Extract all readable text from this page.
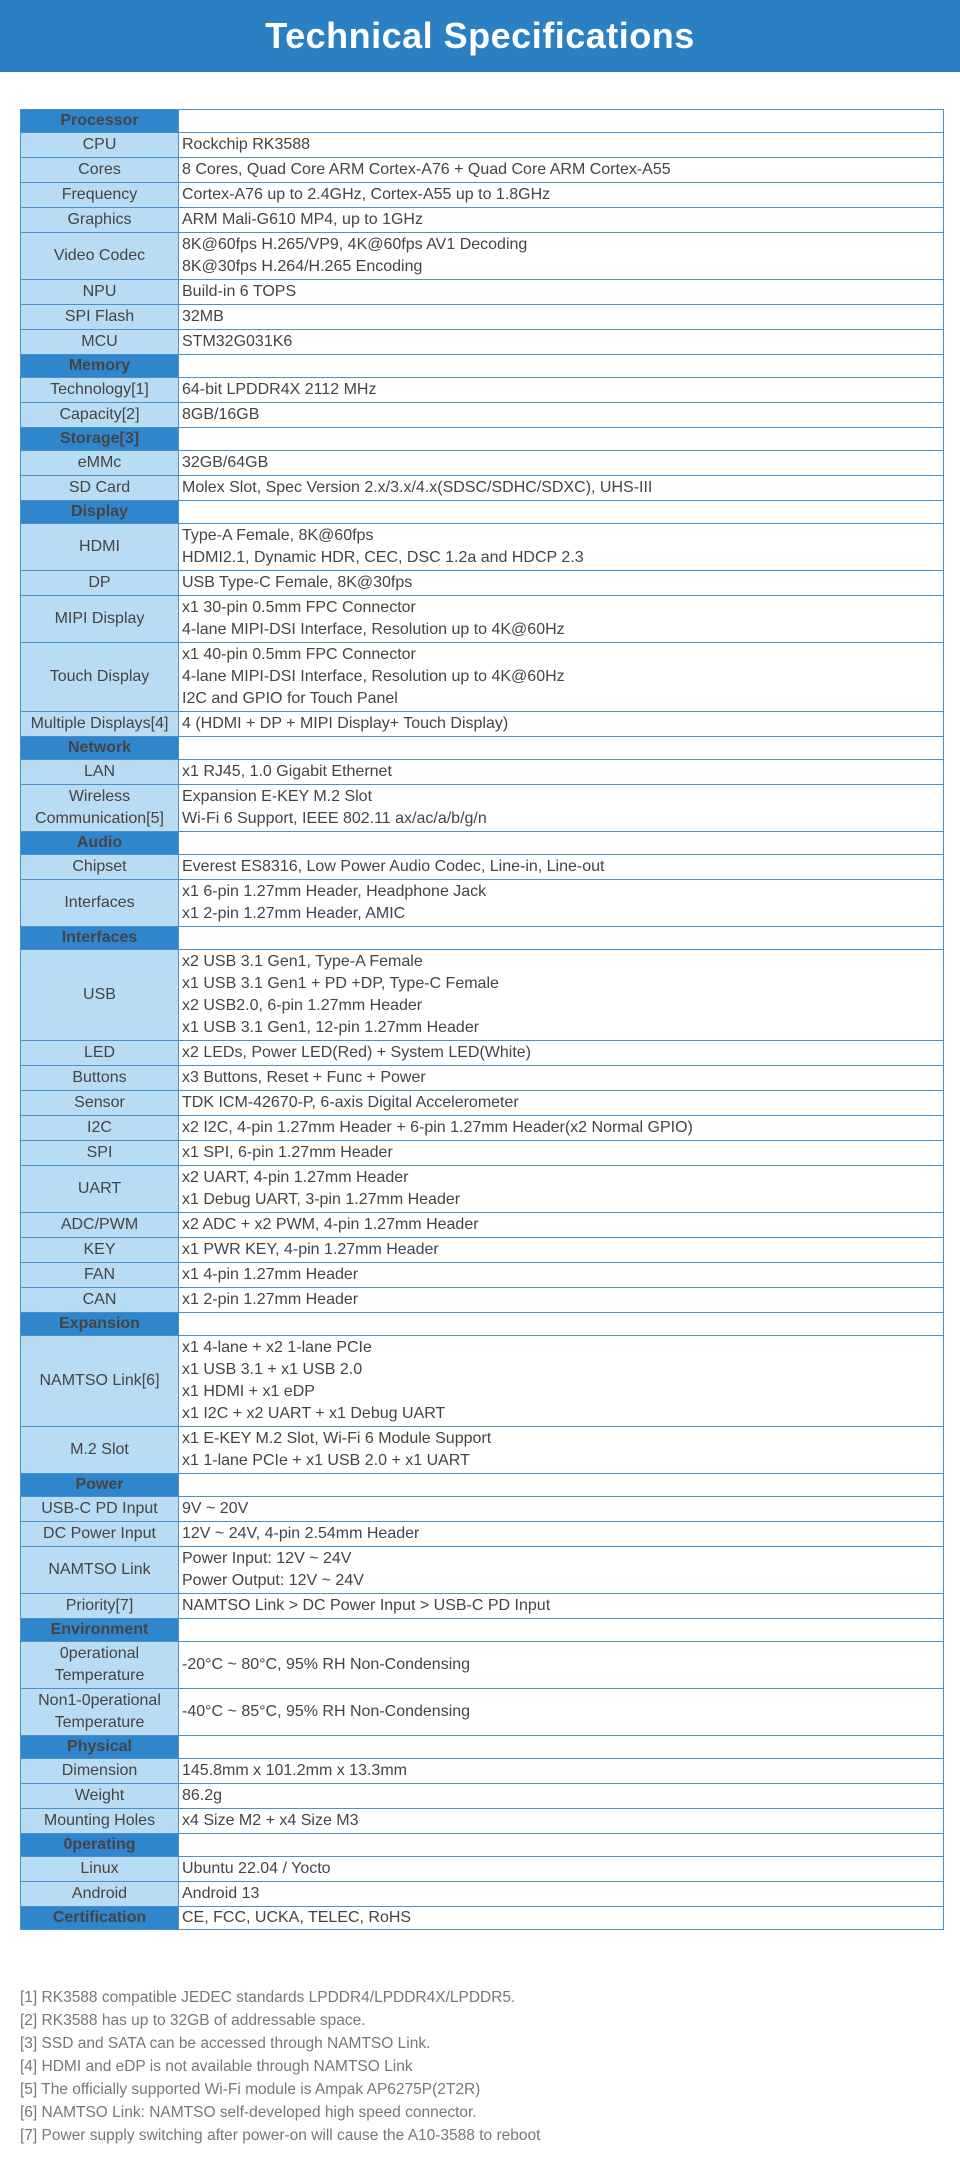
Technical Specifications
Processor	

CPU	Rockchip RK3588

Cores	8 Cores, Quad Core ARM Cortex-A76 + Quad Core ARM Cortex-A55

Frequency	Cortex-A76 up to 2.4GHz, Cortex-A55 up to 1.8GHz

Graphics	ARM Mali-G610 MP4, up to 1GHz

Video Codec	8K@60fps H.265/VP9, 4K@60fps AV1 Decoding
8K@30fps H.264/H.265 Encoding

NPU	Build-in 6 TOPS

SPI Flash	32MB

MCU	STM32G031K6

Memory	

Technology[1]	64-bit LPDDR4X 2112 MHz

Capacity[2]	8GB/16GB

Storage[3]	

eMMc	32GB/64GB

SD Card	Molex Slot, Spec Version 2.x/3.x/4.x(SDSC/SDHC/SDXC), UHS-III

Display	

HDMI	Type-A Female, 8K@60fps
HDMI2.1, Dynamic HDR, CEC, DSC 1.2a and HDCP 2.3

DP	USB Type-C Female, 8K@30fps

MIPI Display	x1 30-pin 0.5mm FPC Connector
4-lane MIPI-DSI Interface, Resolution up to 4K@60Hz

Touch Display	x1 40-pin 0.5mm FPC Connector
4-lane MIPI-DSI Interface, Resolution up to 4K@60Hz
I2C and GPIO for Touch Panel

Multiple Displays[4]	4 (HDMI + DP + MIPI Display+ Touch Display)

Network	

LAN	x1 RJ45, 1.0 Gigabit Ethernet

Wireless
Communication[5]	Expansion E-KEY M.2 Slot
Wi-Fi 6 Support, IEEE 802.11 ax/ac/a/b/g/n

Audio	

Chipset	Everest ES8316, Low Power Audio Codec, Line-in, Line-out

Interfaces	x1 6-pin 1.27mm Header, Headphone Jack
x1 2-pin 1.27mm Header, AMIC

Interfaces	

USB	x2 USB 3.1 Gen1, Type-A Female
x1 USB 3.1 Gen1 + PD +DP, Type-C Female
x2 USB2.0, 6-pin 1.27mm Header
x1 USB 3.1 Gen1, 12-pin 1.27mm Header

LED	x2 LEDs, Power LED(Red) + System LED(White)

Buttons	x3 Buttons, Reset + Func + Power

Sensor	TDK ICM-42670-P, 6-axis Digital Accelerometer

I2C	x2 I2C, 4-pin 1.27mm Header + 6-pin 1.27mm Header(x2 Normal GPIO)

SPI	x1 SPI, 6-pin 1.27mm Header

UART	x2 UART, 4-pin 1.27mm Header
x1 Debug UART, 3-pin 1.27mm Header

ADC/PWM	x2 ADC + x2 PWM, 4-pin 1.27mm Header

KEY	x1 PWR KEY, 4-pin 1.27mm Header

FAN	x1 4-pin 1.27mm Header

CAN	x1 2-pin 1.27mm Header

Expansion	

NAMTSO Link[6]	x1 4-lane + x2 1-lane PCIe
x1 USB 3.1 + x1 USB 2.0
x1 HDMI + x1 eDP
x1 I2C + x2 UART + x1 Debug UART

M.2 Slot	x1 E-KEY M.2 Slot, Wi-Fi 6 Module Support
x1 1-lane PCIe + x1 USB 2.0 + x1 UART

Power	

USB-C PD Input	9V ~ 20V

DC Power Input	12V ~ 24V, 4-pin 2.54mm Header

NAMTSO Link	Power Input: 12V ~ 24V
Power Output: 12V ~ 24V

Priority[7]	NAMTSO Link > DC Power Input > USB-C PD Input

Environment	

0perational
Temperature	-20°C ~ 80°C, 95% RH Non-Condensing

Non1-0perational
Temperature	-40°C ~ 85°C, 95% RH Non-Condensing

Physical	

Dimension	145.8mm x 101.2mm x 13.3mm

Weight	86.2g

Mounting Holes	x4 Size M2 + x4 Size M3

0perating	

Linux	Ubuntu 22.04 / Yocto

Android	Android 13

Certification	CE, FCC, UCKA, TELEC, RoHS
[1] RK3588 compatible JEDEC standards LPDDR4/LPDDR4X/LPDDR5.
[2] RK3588 has up to 32GB of addressable space.
[3] SSD and SATA can be accessed through NAMTSO Link.
[4] HDMI and eDP is not available through NAMTSO Link
[5] The officially supported Wi-Fi module is Ampak AP6275P(2T2R)
[6] NAMTSO Link: NAMTSO self-developed high speed connector.
[7] Power supply switching after power-on will cause the A10-3588 to reboot
